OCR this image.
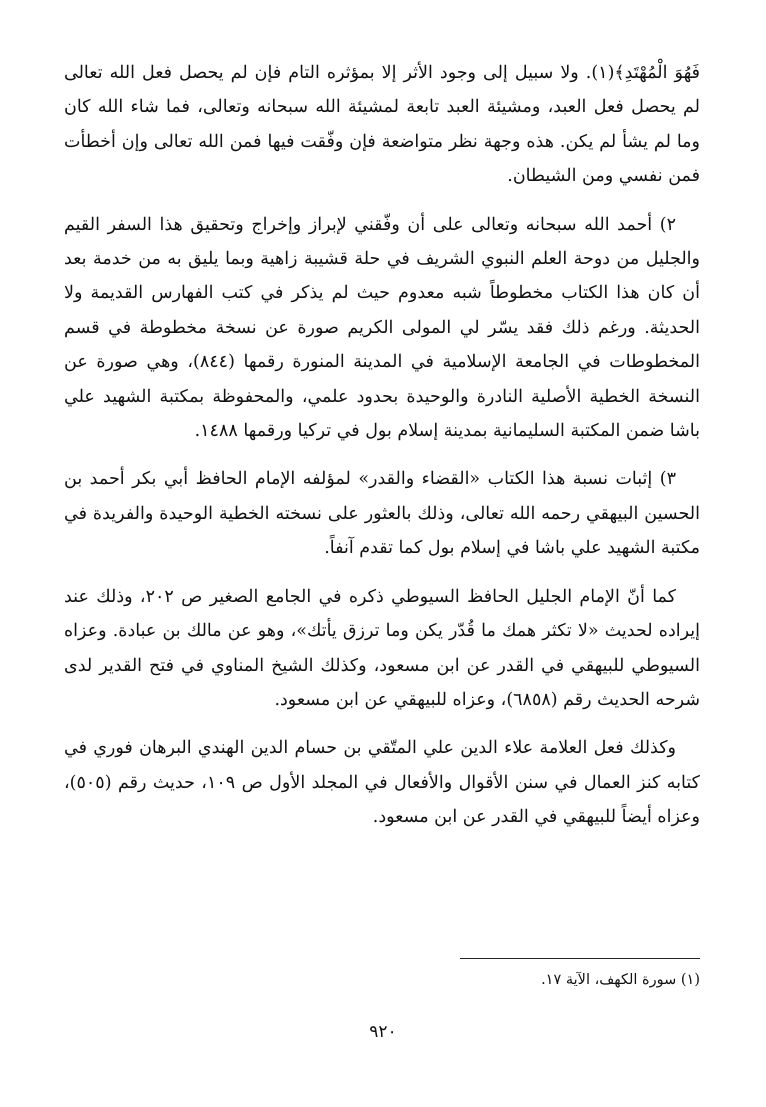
فَهُوَ الْمُهْتَدِ﴾(١). ولا سبيل إلى وجود الأثر إلا بمؤثره التام فإن لم يحصل فعل الله تعالى لم يحصل فعل العبد، ومشيئة العبد تابعة لمشيئة الله سبحانه وتعالى، فما شاء الله كان وما لم يشأ لم يكن. هذه وجهة نظر متواضعة فإن وفّقت فيها فمن الله تعالى وإن أخطأت فمن نفسي ومن الشيطان.

٢) أحمد الله سبحانه وتعالى على أن وفّقني لإبراز وإخراج وتحقيق هذا السفر القيم والجليل من دوحة العلم النبوي الشريف في حلة قشيبة زاهية وبما يليق به من خدمة بعد أن كان هذا الكتاب مخطوطاً شبه معدوم حيث لم يذكر في كتب الفهارس القديمة ولا الحديثة. ورغم ذلك فقد يسّر لي المولى الكريم صورة عن نسخة مخطوطة في قسم المخطوطات في الجامعة الإسلامية في المدينة المنورة رقمها (٨٤٤)، وهي صورة عن النسخة الخطية الأصلية النادرة والوحيدة بحدود علمي، والمحفوظة بمكتبة الشهيد علي باشا ضمن المكتبة السليمانية بمدينة إسلام بول في تركيا ورقمها ١٤٨٨.

٣) إثبات نسبة هذا الكتاب «القضاء والقدر» لمؤلفه الإمام الحافظ أبي بكر أحمد بن الحسين البيهقي رحمه الله تعالى، وذلك بالعثور على نسخته الخطية الوحيدة والفريدة في مكتبة الشهيد علي باشا في إسلام بول كما تقدم آنفاً.

كما أنّ الإمام الجليل الحافظ السيوطي ذكره في الجامع الصغير ص ٢٠٢، وذلك عند إيراده لحديث «لا تكثر همك ما قُدّر يكن وما ترزق يأتك»، وهو عن مالك بن عبادة. وعزاه السيوطي للبيهقي في القدر عن ابن مسعود، وكذلك الشيخ المناوي في فتح القدير لدى شرحه الحديث رقم (٦٨٥٨)، وعزاه للبيهقي عن ابن مسعود.

وكذلك فعل العلامة علاء الدين علي المتّقي بن حسام الدين الهندي البرهان فوري في كتابه كنز العمال في سنن الأقوال والأفعال في المجلد الأول ص ١٠٩، حديث رقم (٥٠٥)، وعزاه أيضاً للبيهقي في القدر عن ابن مسعود.

(١) سورة الكهف، الآية ١٧.
٩٢٠
